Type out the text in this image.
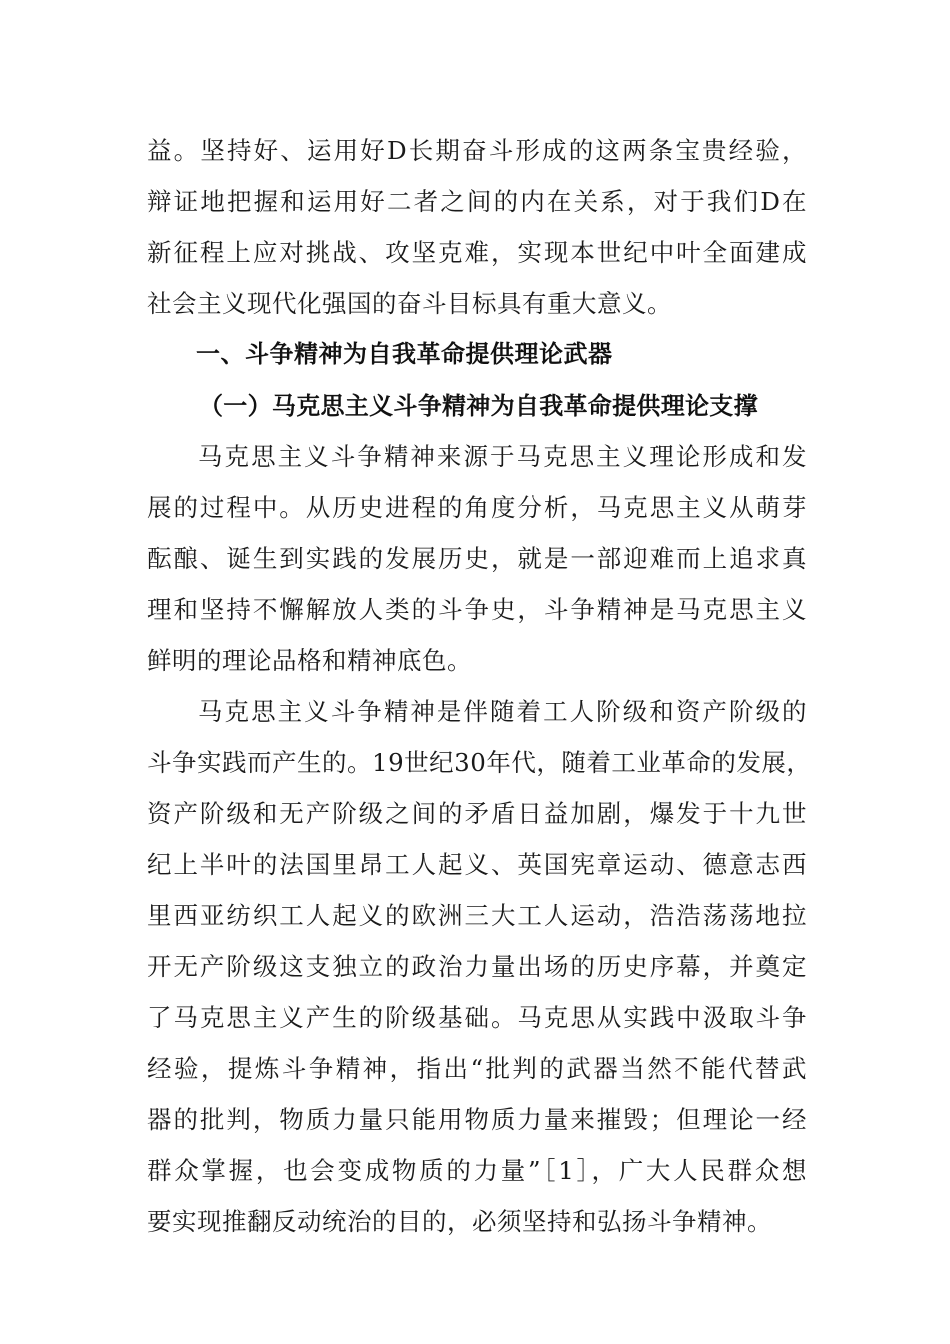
益。坚持好、运用好D长期奋斗形成的这两条宝贵经验，
辩证地把握和运用好二者之间的内在关系，对于我们D在
新征程上应对挑战、攻坚克难，实现本世纪中叶全面建成
社会主义现代化强国的奋斗目标具有重大意义。
一、斗争精神为自我革命提供理论武器
（一）马克思主义斗争精神为自我革命提供理论支撑
马克思主义斗争精神来源于马克思主义理论形成和发
展的过程中。从历史进程的角度分析，马克思主义从萌芽
酝酿、诞生到实践的发展历史，就是一部迎难而上追求真
理和坚持不懈解放人类的斗争史，斗争精神是马克思主义
鲜明的理论品格和精神底色。
马克思主义斗争精神是伴随着工人阶级和资产阶级的
斗争实践而产生的。19世纪30年代，随着工业革命的发展，
资产阶级和无产阶级之间的矛盾日益加剧，爆发于十九世
纪上半叶的法国里昂工人起义、英国宪章运动、德意志西
里西亚纺织工人起义的欧洲三大工人运动，浩浩荡荡地拉
开无产阶级这支独立的政治力量出场的历史序幕，并奠定
了马克思主义产生的阶级基础。马克思从实践中汲取斗争
经验，提炼斗争精神，指出“批判的武器当然不能代替武
器的批判，物质力量只能用物质力量来摧毁；但理论一经
群众掌握，也会变成物质的力量”［1］，广大人民群众想
要实现推翻反动统治的目的，必须坚持和弘扬斗争精神。
